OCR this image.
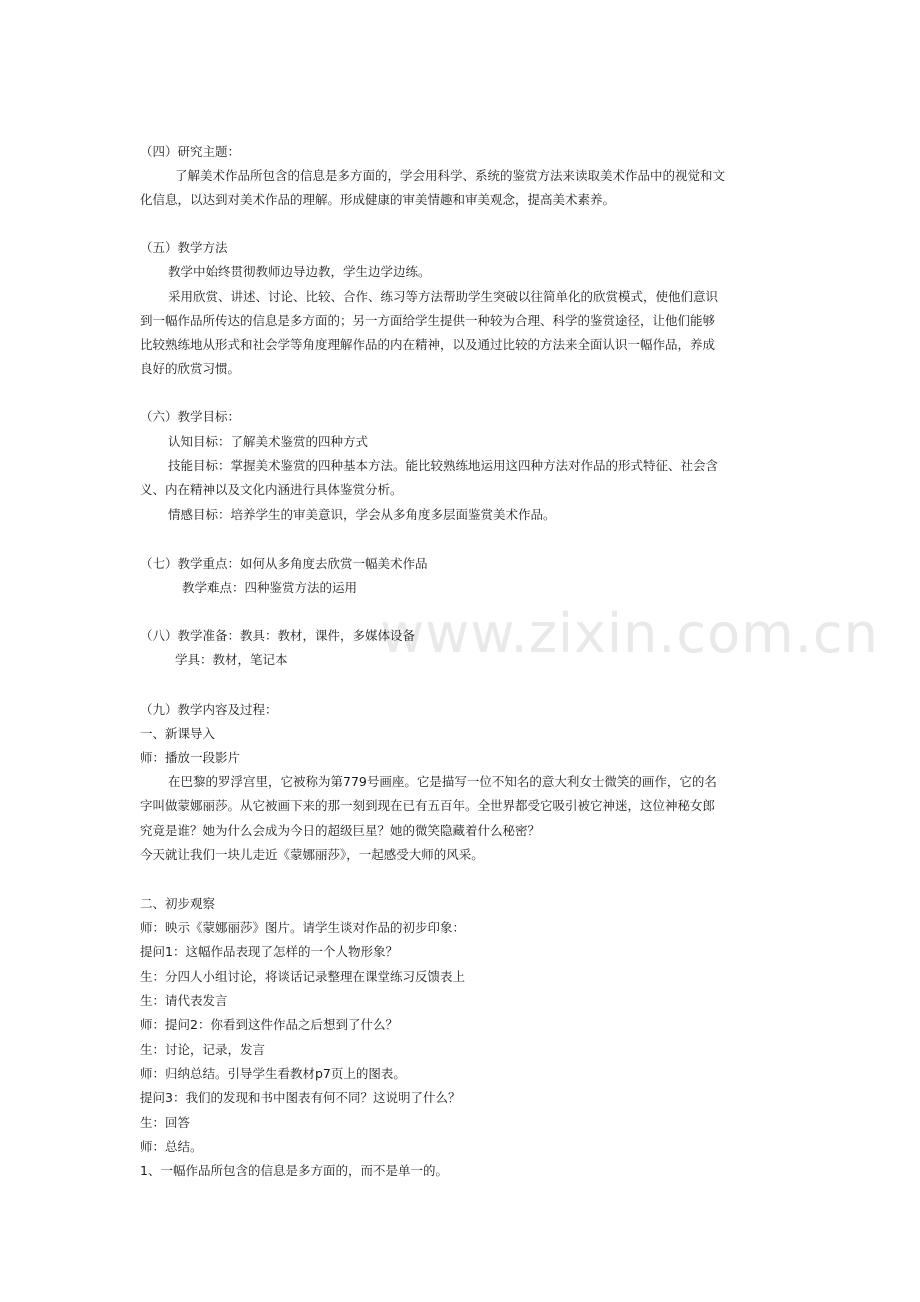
www.zixin.com.cn
（四）研究主题：
了解美术作品所包含的信息是多方面的，学会用科学、系统的鉴赏方法来读取美术作品中的视觉和文
化信息，以达到对美术作品的理解。形成健康的审美情趣和审美观念，提高美术素养。
（五）教学方法
教学中始终贯彻教师边导边教，学生边学边练。
采用欣赏、讲述、讨论、比较、合作、练习等方法帮助学生突破以往简单化的欣赏模式，使他们意识
到一幅作品所传达的信息是多方面的；另一方面给学生提供一种较为合理、科学的鉴赏途径，让他们能够
比较熟练地从形式和社会学等角度理解作品的内在精神，以及通过比较的方法来全面认识一幅作品，养成
良好的欣赏习惯。
（六）教学目标：
认知目标：了解美术鉴赏的四种方式
技能目标：掌握美术鉴赏的四种基本方法。能比较熟练地运用这四种方法对作品的形式特征、社会含
义、内在精神以及文化内涵进行具体鉴赏分析。
情感目标：培养学生的审美意识，学会从多角度多层面鉴赏美术作品。
（七）教学重点：如何从多角度去欣赏一幅美术作品
教学难点：四种鉴赏方法的运用
（八）教学准备：教具：教材，课件，多媒体设备
学具：教材，笔记本
（九）教学内容及过程：
一、新课导入
师：播放一段影片
在巴黎的罗浮宫里，它被称为第779号画座。它是描写一位不知名的意大利女士微笑的画作，它的名
字叫做蒙娜丽莎。从它被画下来的那一刻到现在已有五百年。全世界都受它吸引被它神迷，这位神秘女郎
究竟是谁？她为什么会成为今日的超级巨星？她的微笑隐藏着什么秘密？
今天就让我们一块儿走近《蒙娜丽莎》，一起感受大师的风采。
二、初步观察
师：映示《蒙娜丽莎》图片。请学生谈对作品的初步印象：
提问1：这幅作品表现了怎样的一个人物形象？
生：分四人小组讨论，将谈话记录整理在课堂练习反馈表上
生：请代表发言
师：提问2：你看到这件作品之后想到了什么？
生：讨论，记录，发言
师：归纳总结。引导学生看教材p7页上的图表。
提问3：我们的发现和书中图表有何不同？这说明了什么？
生：回答
师：总结。
1、一幅作品所包含的信息是多方面的，而不是单一的。
